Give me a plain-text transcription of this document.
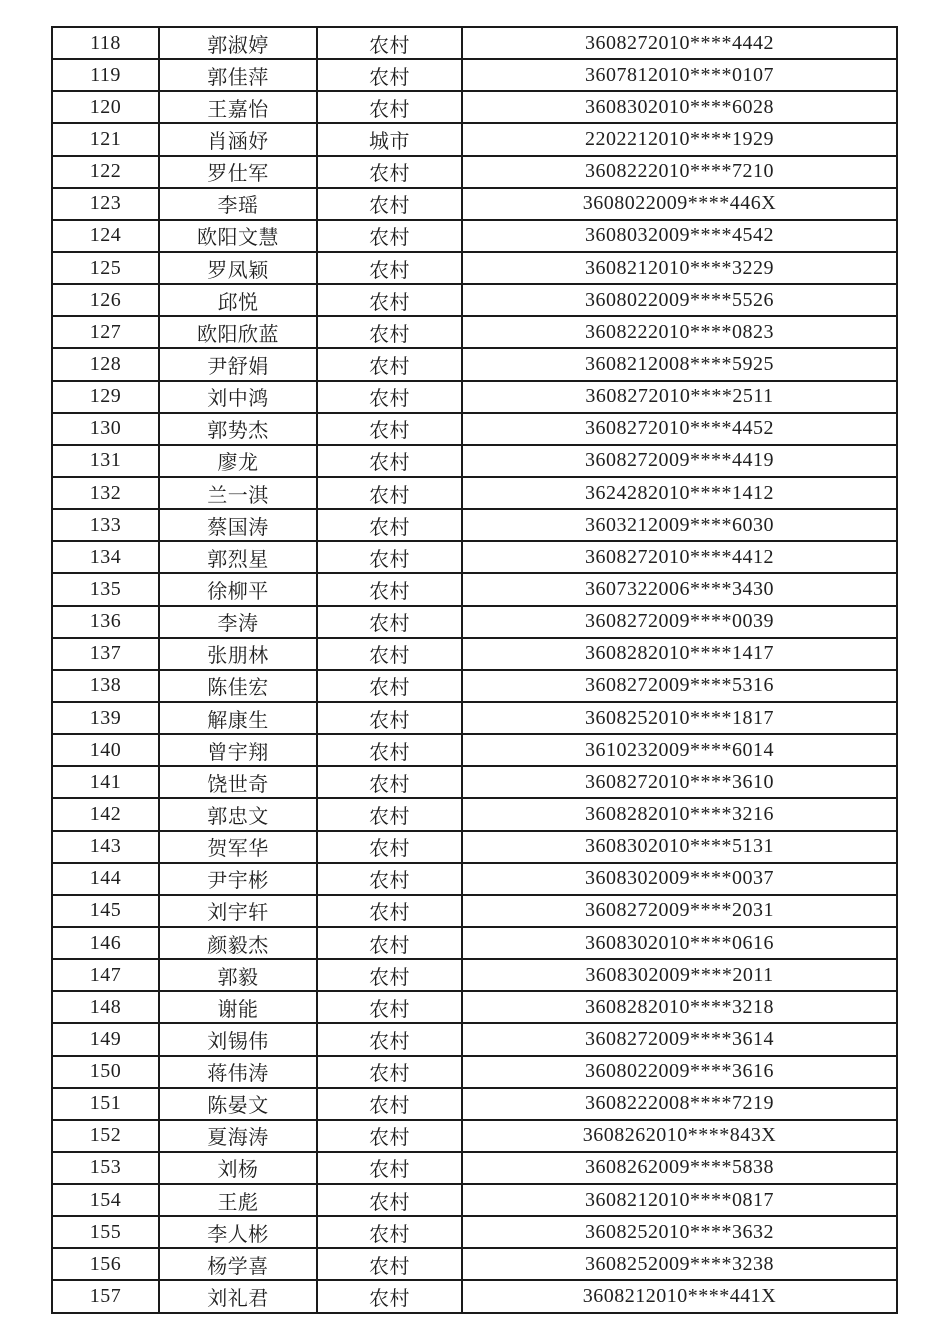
118	郭淑婷	农村	3608272010****4442
119	郭佳萍	农村	3607812010****0107
120	王嘉怡	农村	3608302010****6028
121	肖涵妤	城市	2202212010****1929
122	罗仕军	农村	3608222010****7210
123	李瑶	农村	3608022009****446X
124	欧阳文慧	农村	3608032009****4542
125	罗凤颖	农村	3608212010****3229
126	邱悦	农村	3608022009****5526
127	欧阳欣蓝	农村	3608222010****0823
128	尹舒娟	农村	3608212008****5925
129	刘中鸿	农村	3608272010****2511
130	郭势杰	农村	3608272010****4452
131	廖龙	农村	3608272009****4419
132	兰一淇	农村	3624282010****1412
133	蔡国涛	农村	3603212009****6030
134	郭烈星	农村	3608272010****4412
135	徐柳平	农村	3607322006****3430
136	李涛	农村	3608272009****0039
137	张朋林	农村	3608282010****1417
138	陈佳宏	农村	3608272009****5316
139	解康生	农村	3608252010****1817
140	曾宇翔	农村	3610232009****6014
141	饶世奇	农村	3608272010****3610
142	郭忠文	农村	3608282010****3216
143	贺军华	农村	3608302010****5131
144	尹宇彬	农村	3608302009****0037
145	刘宇轩	农村	3608272009****2031
146	颜毅杰	农村	3608302010****0616
147	郭毅	农村	3608302009****2011
148	谢能	农村	3608282010****3218
149	刘锡伟	农村	3608272009****3614
150	蒋伟涛	农村	3608022009****3616
151	陈晏文	农村	3608222008****7219
152	夏海涛	农村	3608262010****843X
153	刘杨	农村	3608262009****5838
154	王彪	农村	3608212010****0817
155	李人彬	农村	3608252010****3632
156	杨学喜	农村	3608252009****3238
157	刘礼君	农村	3608212010****441X
